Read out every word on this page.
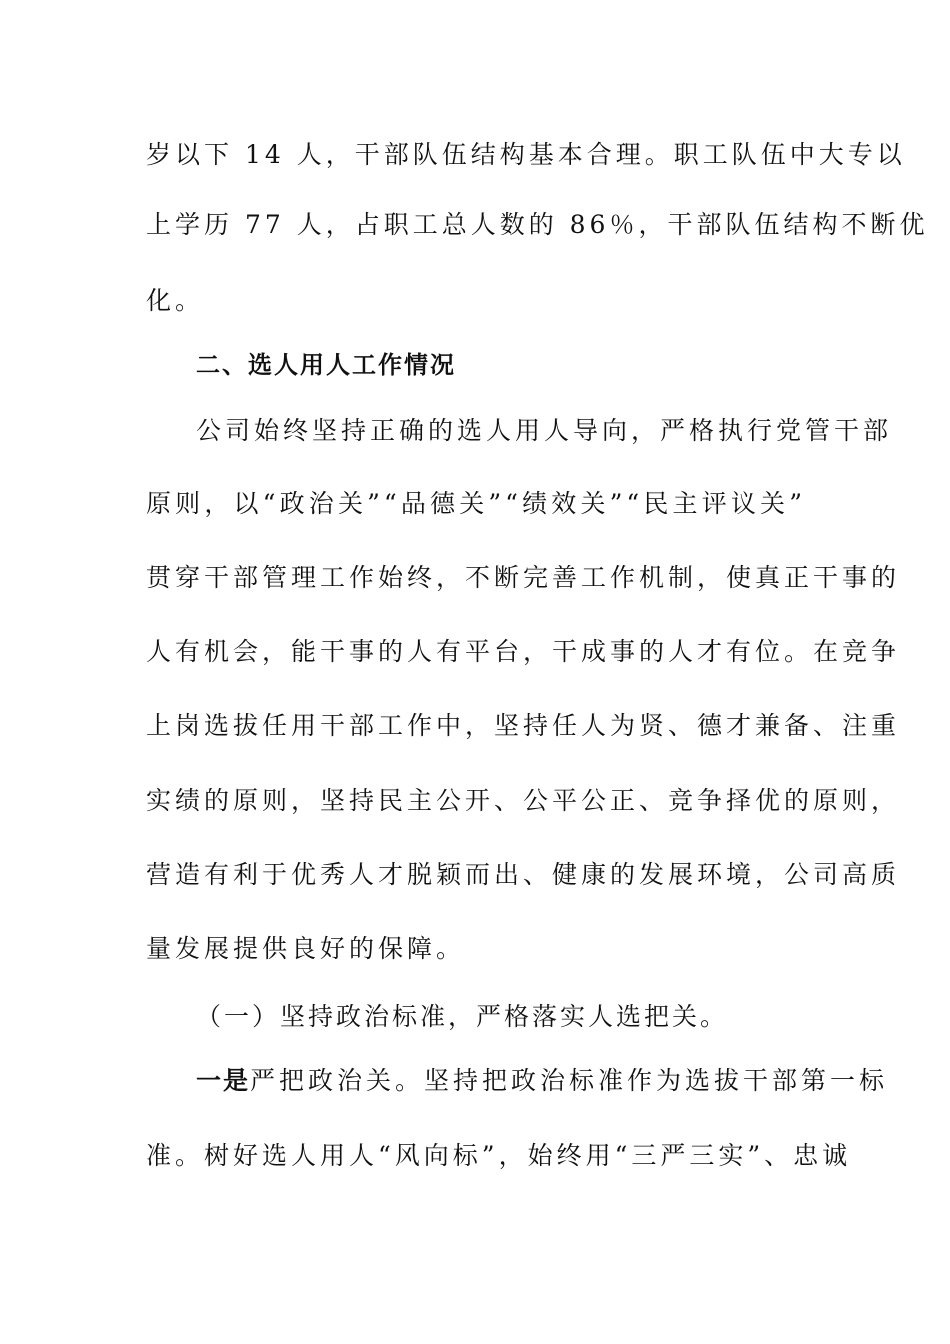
岁以下 14 人，干部队伍结构基本合理。职工队伍中大专以
上学历 77 人，占职工总人数的 86％，干部队伍结构不断优
化。
二、选人用人工作情况
公司始终坚持正确的选人用人导向，严格执行党管干部
原则，以“政治关”“品德关”“绩效关”“民主评议关”
贯穿干部管理工作始终，不断完善工作机制，使真正干事的
人有机会，能干事的人有平台，干成事的人才有位。在竞争
上岗选拔任用干部工作中，坚持任人为贤、德才兼备、注重
实绩的原则，坚持民主公开、公平公正、竞争择优的原则，
营造有利于优秀人才脱颖而出、健康的发展环境，公司高质
量发展提供良好的保障。
（一）坚持政治标准，严格落实人选把关。
一是严把政治关。坚持把政治标准作为选拔干部第一标
准。树好选人用人“风向标”，始终用“三严三实”、忠诚
